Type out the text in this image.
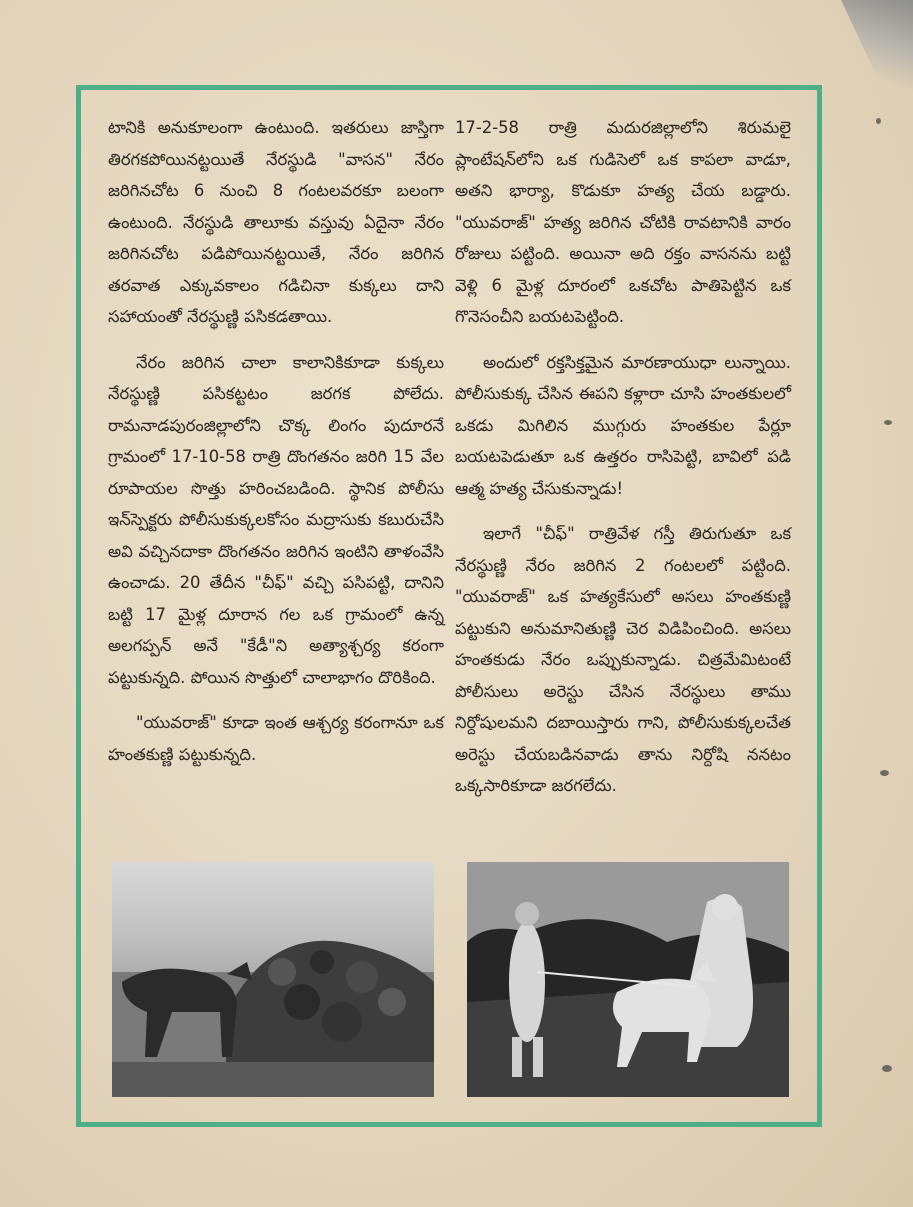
టానికి అనుకూలంగా ఉంటుంది. ఇతరులు జాస్తిగా తిరగకపోయినట్టయితే నేరస్థుడి "వాసన" నేరం జరిగినచోట 6 నుంచి 8 గంటలవరకూ బలంగా ఉంటుంది. నేరస్థుడి తాలూకు వస్తువు ఏదైనా నేరం జరిగినచోట పడిపోయినట్టయితే, నేరం జరిగిన తరవాత ఎక్కువకాలం గడిచినా కుక్కలు దాని సహాయంతో నేరస్థుణ్ణి పసికడతాయి.

నేరం జరిగిన చాలా కాలానికికూడా కుక్కలు నేరస్థుణ్ణి పసికట్టటం జరగక పోలేదు. రామనాడపురంజిల్లాలోని చొక్క లింగం పుదూరనే గ్రామంలో 17-10-58 రాత్రి దొంగతనం జరిగి 15 వేల రూపాయల సొత్తు హరించబడింది. స్థానిక పోలీసు ఇన్‌స్పెక్టరు పోలీసుకుక్కలకోసం మద్రాసుకు కబురుచేసి అవి వచ్చినదాకా దొంగతనం జరిగిన ఇంటిని తాళంవేసి ఉంచాడు. 20 తేదీన "చీఫ్" వచ్చి పసిపట్టి, దానిని బట్టి 17 మైళ్ల దూరాన గల ఒక గ్రామంలో ఉన్న అలగప్పన్ అనే "కేడీ"ని అత్యాశ్చర్య కరంగా పట్టుకున్నది. పోయిన సొత్తులో చాలాభాగం దొరికింది.

"యువరాజ్" కూడా ఇంత ఆశ్చర్య కరంగానూ ఒక హంతకుణ్ణి పట్టుకున్నది.

17-2-58 రాత్రి మదురజిల్లాలోని శిరుమలై ప్లాంటేషన్‌లోని ఒక గుడిసెలో ఒక కాపలా వాడూ, అతని భార్యా, కొడుకూ హత్య చేయ బడ్డారు. "యువరాజ్" హత్య జరిగిన చోటికి రావటానికి వారం రోజులు పట్టింది. అయినా అది రక్తం వాసనను బట్టి వెళ్లి 6 మైళ్ల దూరంలో ఒకచోట పాతిపెట్టిన ఒక గొనెసంచీని బయటపెట్టింది.

అందులో రక్తసిక్తమైన మారణాయుధా లున్నాయి. పోలీసుకుక్క చేసిన ఈపని కళ్లారా చూసి హంతకులలో ఒకడు మిగిలిన ముగ్గురు హంతకుల పేర్లూ బయటపెడుతూ ఒక ఉత్తరం రాసిపెట్టి, బావిలో పడి ఆత్మ హత్య చేసుకున్నాడు!

ఇలాగే "చీఫ్" రాత్రివేళ గస్తీ తిరుగుతూ ఒక నేరస్థుణ్ణి నేరం జరిగిన 2 గంటలలో పట్టింది. "యువరాజ్" ఒక హత్యకేసులో అసలు హంతకుణ్ణి పట్టుకుని అనుమానితుణ్ణి చెర విడిపించింది. అసలు హంతకుడు నేరం ఒప్పుకున్నాడు. చిత్రమేమిటంటే పోలీసులు అరెస్టు చేసిన నేరస్థులు తాము నిర్దోషులమని దబాయిస్తారు గాని, పోలీసుకుక్కలచేత అరెస్టు చేయబడినవాడు తాను నిర్దోషి ననటం ఒక్కసారికూడా జరగలేదు.
